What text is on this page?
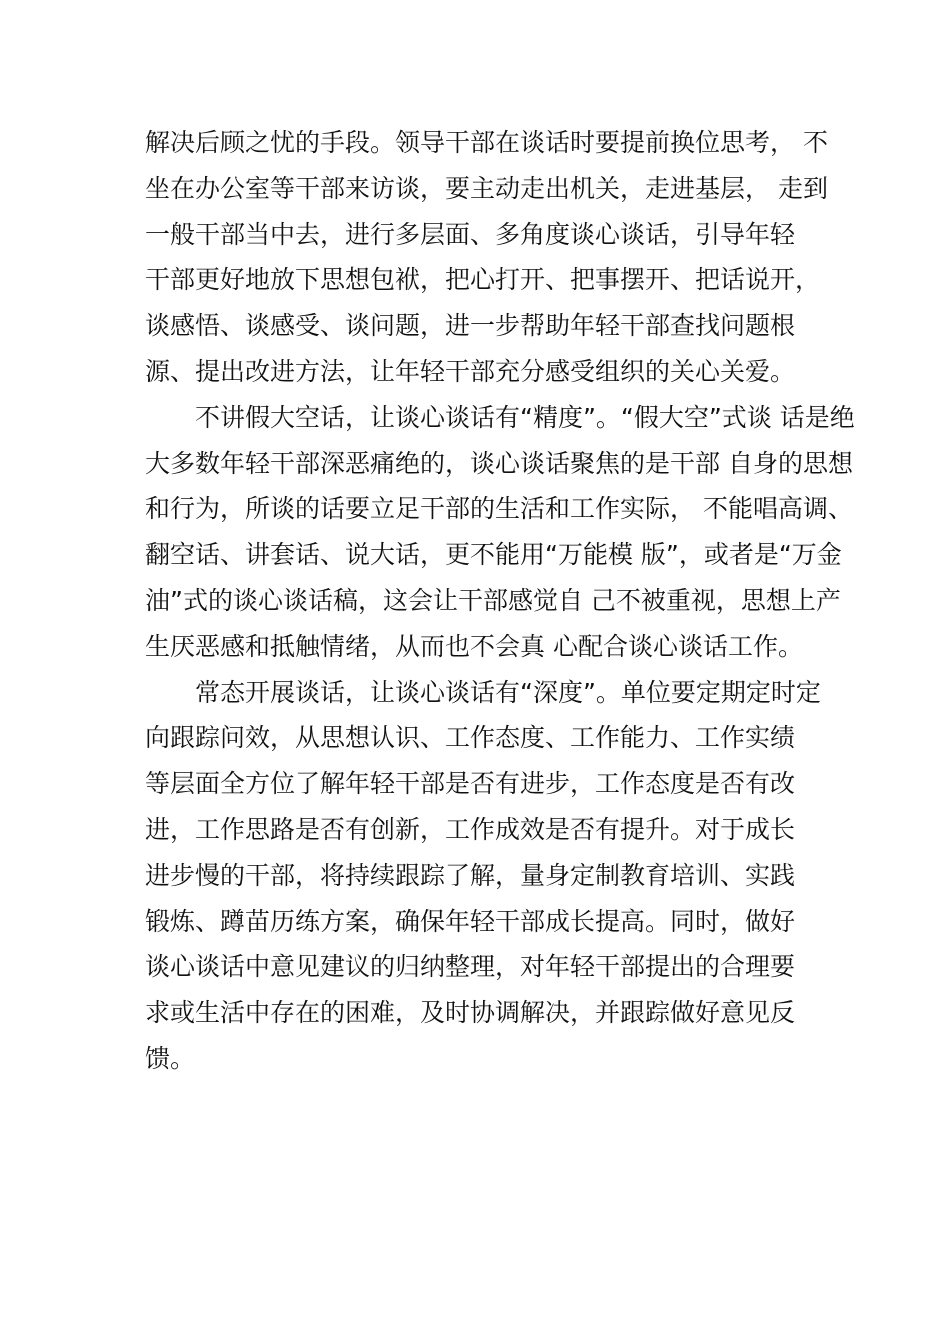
解决后顾之忧的手段。领导干部在谈话时要提前换位思考， 不
坐在办公室等干部来访谈，要主动走出机关，走进基层， 走到
一般干部当中去，进行多层面、多角度谈心谈话，引导年轻
干部更好地放下思想包袱，把心打开、把事摆开、把话说开，
谈感悟、谈感受、谈问题，进一步帮助年轻干部查找问题根
源、提出改进方法，让年轻干部充分感受组织的关心关爱。
不讲假大空话，让谈心谈话有“精度”。“假大空”式谈 话是绝
大多数年轻干部深恶痛绝的，谈心谈话聚焦的是干部 自身的思想
和行为，所谈的话要立足干部的生活和工作实际， 不能唱高调、
翻空话、讲套话、说大话，更不能用“万能模 版”，或者是“万金
油”式的谈心谈话稿，这会让干部感觉自 己不被重视，思想上产
生厌恶感和抵触情绪，从而也不会真 心配合谈心谈话工作。
常态开展谈话，让谈心谈话有“深度”。单位要定期定时定
向跟踪问效，从思想认识、工作态度、工作能力、工作实绩
等层面全方位了解年轻干部是否有进步，工作态度是否有改
进，工作思路是否有创新，工作成效是否有提升。对于成长
进步慢的干部，将持续跟踪了解，量身定制教育培训、实践
锻炼、蹲苗历练方案，确保年轻干部成长提高。同时，做好
谈心谈话中意见建议的归纳整理，对年轻干部提出的合理要
求或生活中存在的困难，及时协调解决，并跟踪做好意见反
馈。
